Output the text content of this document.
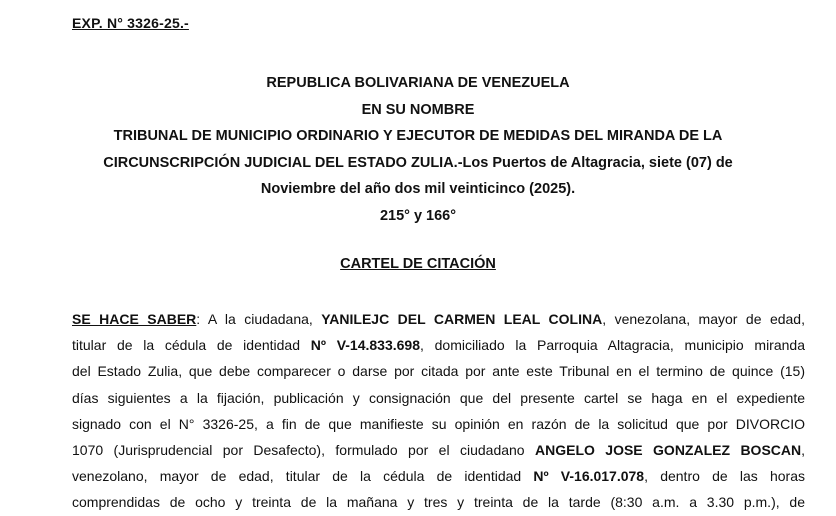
EXP. N° 3326-25.-
REPUBLICA BOLIVARIANA DE VENEZUELA
EN SU NOMBRE
TRIBUNAL DE MUNICIPIO ORDINARIO Y EJECUTOR DE MEDIDAS DEL MIRANDA DE LA
CIRCUNSCRIPCIÓN JUDICIAL DEL ESTADO ZULIA.-Los Puertos de Altagracia, siete (07) de
Noviembre del año dos mil veinticinco (2025).
215° y 166°
CARTEL DE CITACIÓN
SE HACE SABER: A la ciudadana, YANILEJC DEL CARMEN LEAL COLINA, venezolana, mayor de edad,
titular de la cédula de identidad Nº V-14.833.698, domiciliado la Parroquia Altagracia, municipio miranda
del Estado Zulia, que debe comparecer o darse por citada por ante este Tribunal en el termino de quince (15)
días siguientes a la fijación, publicación y consignación que del presente cartel se haga en el expediente
signado con el N° 3326-25, a fin de que manifieste su opinión en razón de la solicitud que por DIVORCIO
1070 (Jurisprudencial por Desafecto), formulado por el ciudadano ANGELO JOSE GONZALEZ BOSCAN,
venezolano, mayor de edad, titular de la cédula de identidad Nº V-16.017.078, dentro de las horas
comprendidas de ocho y treinta de la mañana y tres y treinta de la tarde (8:30 a.m. a 3.30 p.m.), de
